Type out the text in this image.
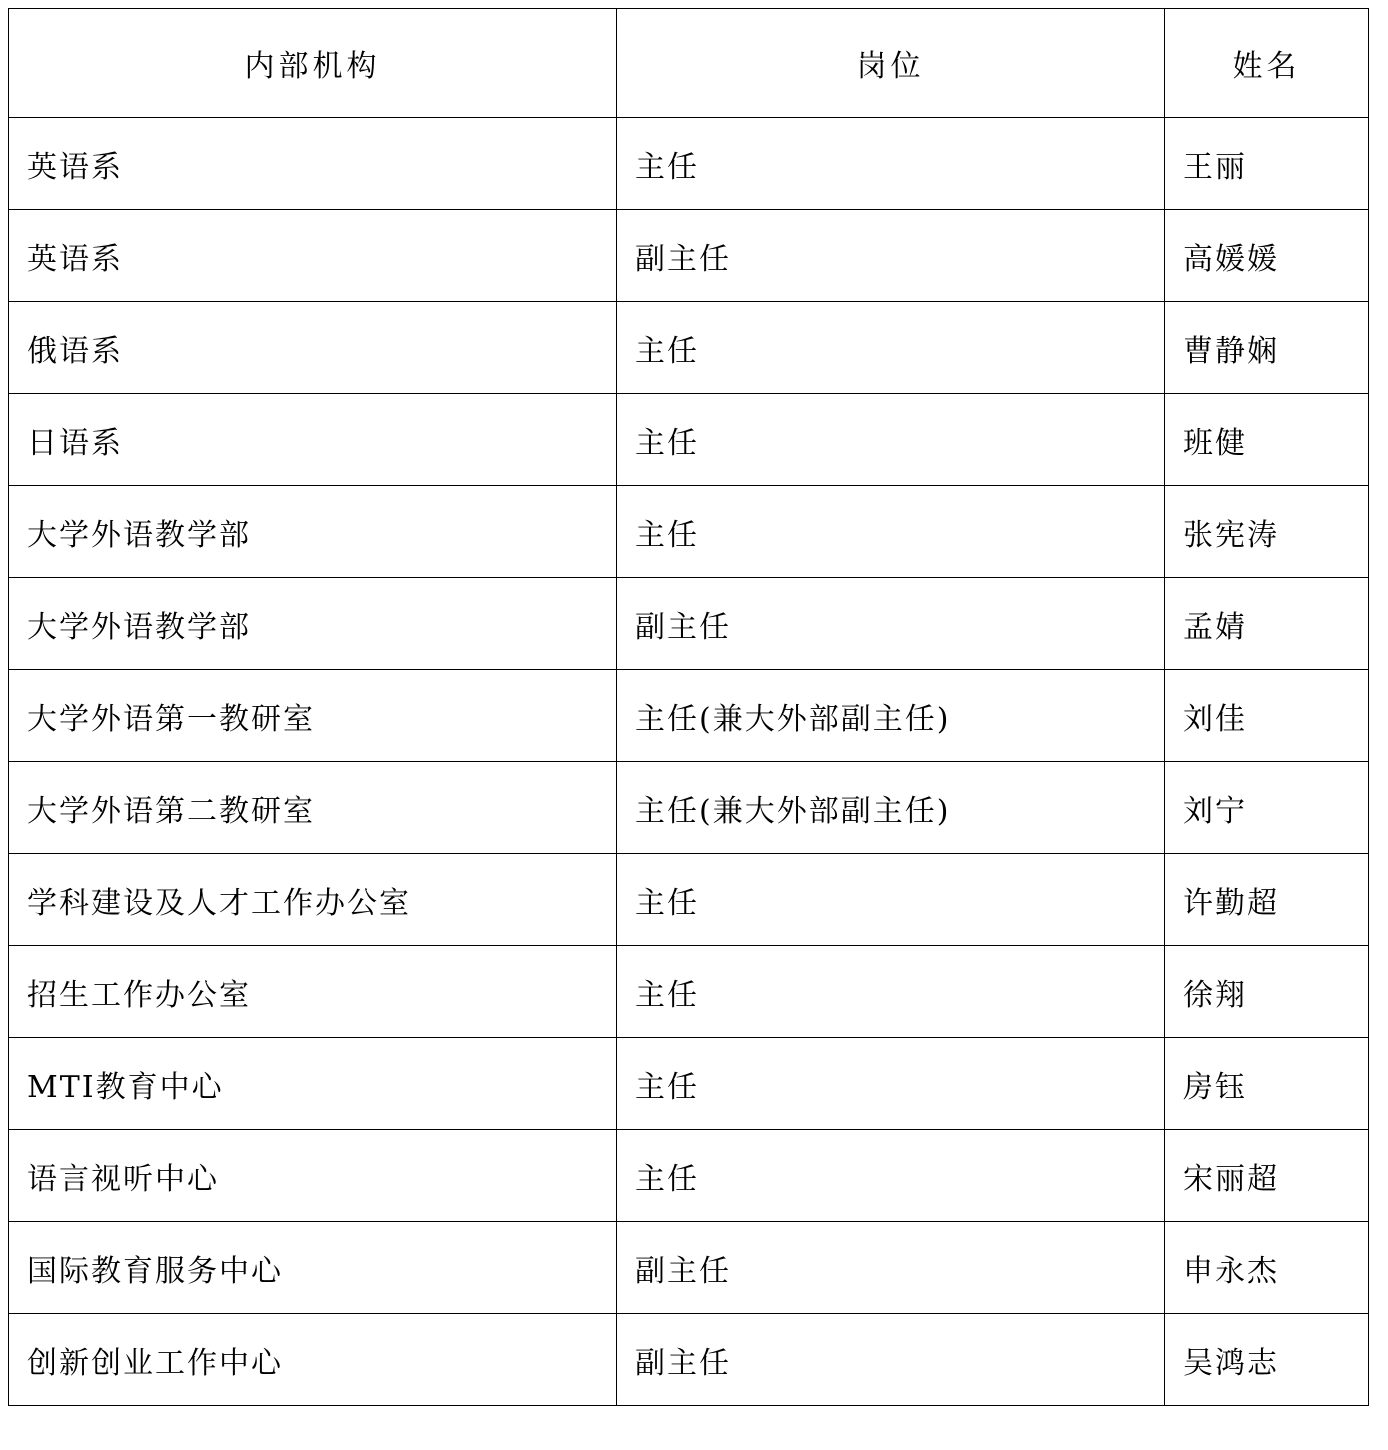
内部机构	岗位	姓名

英语系	主任	王丽
英语系	副主任	高媛媛
俄语系	主任	曹静娴
日语系	主任	班健
大学外语教学部	主任	张宪涛
大学外语教学部	副主任	孟婧
大学外语第一教研室	主任(兼大外部副主任)	刘佳
大学外语第二教研室	主任(兼大外部副主任)	刘宁
学科建设及人才工作办公室	主任	许勤超
招生工作办公室	主任	徐翔
MTI教育中心	主任	房钰
语言视听中心	主任	宋丽超
国际教育服务中心	副主任	申永杰
创新创业工作中心	副主任	吴鸿志
